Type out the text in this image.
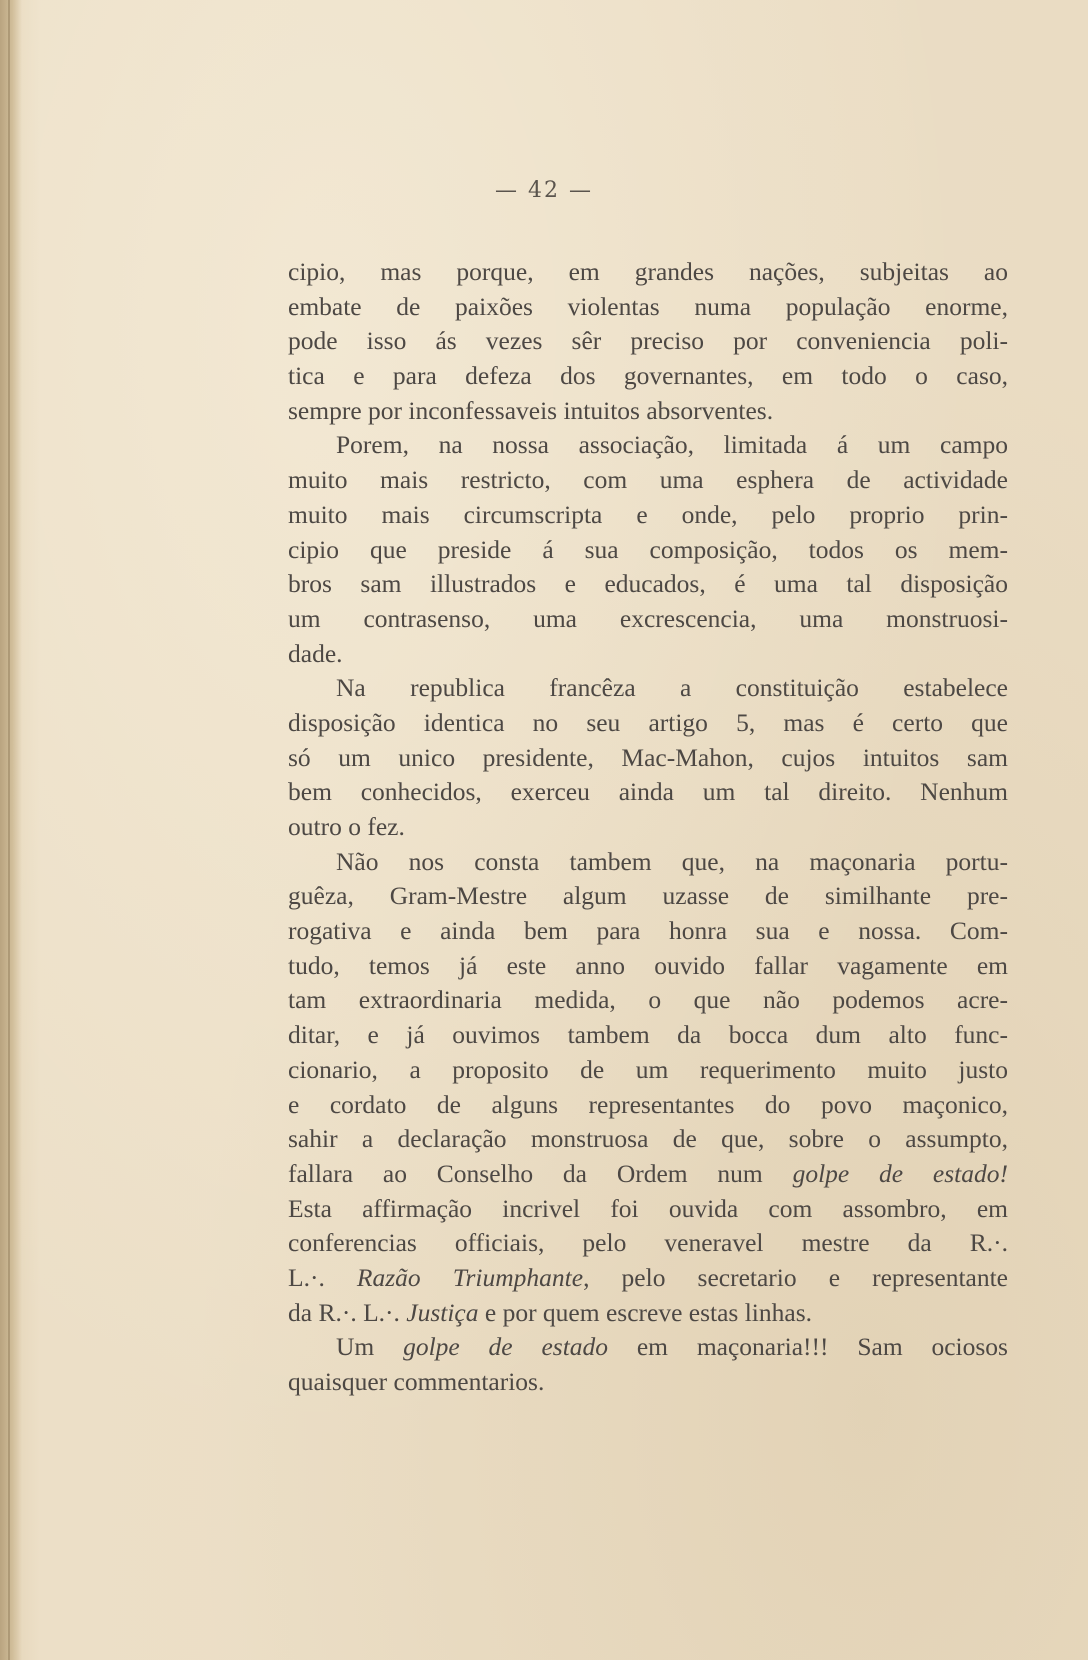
— 42 —
cipio, mas porque, em grandes nações, subjeitas ao
embate de paixões violentas numa população enorme,
pode isso ás vezes sêr preciso por conveniencia poli-
tica e para defeza dos governantes, em todo o caso,
sempre por inconfessaveis intuitos absorventes.
Porem, na nossa associação, limitada á um campo
muito mais restricto, com uma esphera de actividade
muito mais circumscripta e onde, pelo proprio prin-
cipio que preside á sua composição, todos os mem-
bros sam illustrados e educados, é uma tal disposição
um contrasenso, uma excrescencia, uma monstruosi-
dade.
Na republica francêza a constituição estabelece
disposição identica no seu artigo 5, mas é certo que
só um unico presidente, Mac-Mahon, cujos intuitos sam
bem conhecidos, exerceu ainda um tal direito. Nenhum
outro o fez.
Não nos consta tambem que, na maçonaria portu-
guêza, Gram-Mestre algum uzasse de similhante pre-
rogativa e ainda bem para honra sua e nossa. Com-
tudo, temos já este anno ouvido fallar vagamente em
tam extraordinaria medida, o que não podemos acre-
ditar, e já ouvimos tambem da bocca dum alto func-
cionario, a proposito de um requerimento muito justo
e cordato de alguns representantes do povo maçonico,
sahir a declaração monstruosa de que, sobre o assumpto,
fallara ao Conselho da Ordem num golpe de estado!
Esta affirmação incrivel foi ouvida com assombro, em
conferencias officiais, pelo veneravel mestre da R.·.
L.·. Razão Triumphante, pelo secretario e representante
da R.·. L.·. Justiça e por quem escreve estas linhas.
Um golpe de estado em maçonaria!!! Sam ociosos
quaisquer commentarios.
